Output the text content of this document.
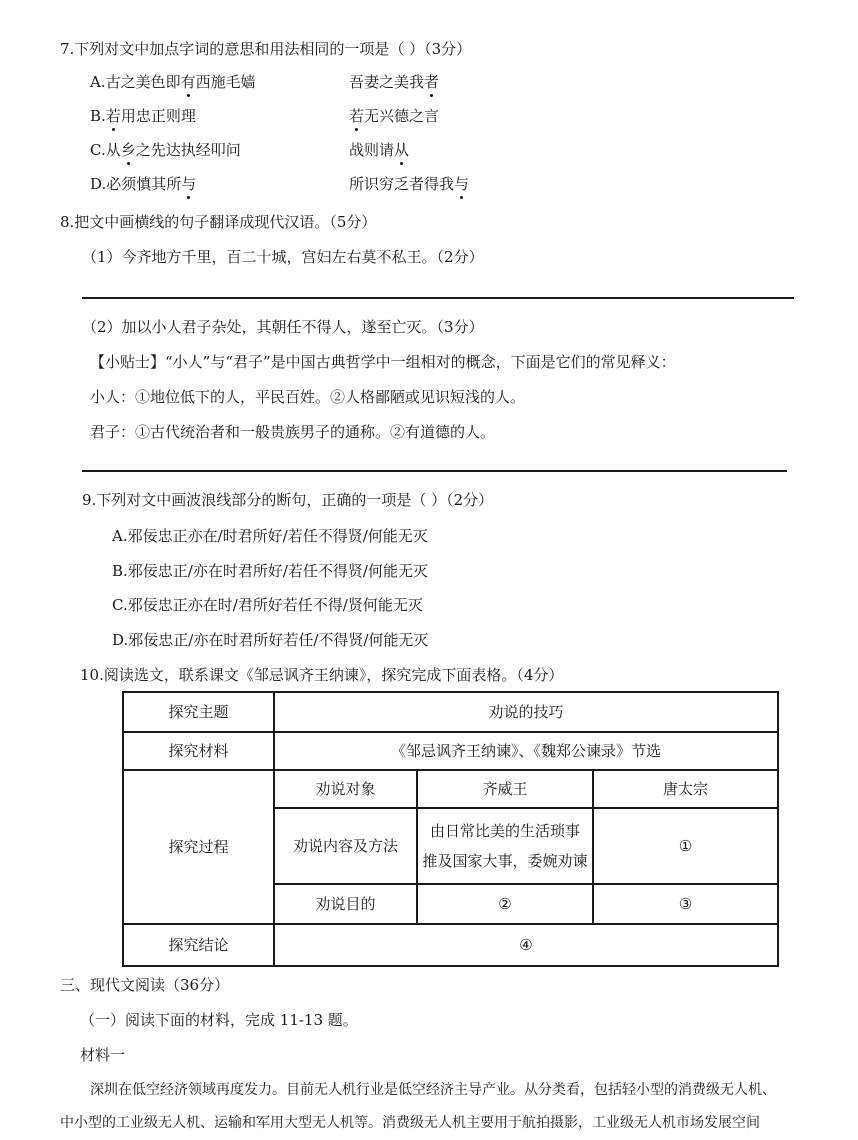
7.下列对文中加点字词的意思和用法相同的一项是（ ）（3分）
A.古之美色即有西施毛嫱	吾妻之美我者
B.若用忠正则理	若无兴德之言
C.从乡之先达执经叩问	战则请从
D.必须慎其所与	所识穷乏者得我与
8.把文中画横线的句子翻译成现代汉语。（5分）
（1）今齐地方千里，百二十城，宫妇左右莫不私王。（2分）
（2）加以小人君子杂处，其朝任不得人，遂至亡灭。（3分）
【小贴士】“小人”与“君子”是中国古典哲学中一组相对的概念，下面是它们的常见释义：
小人：①地位低下的人，平民百姓。②人格鄙陋或见识短浅的人。
君子：①古代统治者和一般贵族男子的通称。②有道德的人。
9.下列对文中画波浪线部分的断句，正确的一项是（ ）（2分）
A.邪佞忠正亦在/时君所好/若任不得贤/何能无灭
B.邪佞忠正/亦在时君所好/若任不得贤/何能无灭
C.邪佞忠正亦在时/君所好若任不得/贤何能无灭
D.邪佞忠正/亦在时君所好若任/不得贤/何能无灭
10.阅读选文，联系课文《邹忌讽齐王纳谏》，探究完成下面表格。（4分）
探究主题	劝说的技巧		
探究材料	《邹忌讽齐王纳谏》、《魏郑公谏录》节选		
探究过程	劝说对象	齐威王	唐太宗
	劝说内容及方法	由日常比美的生活琐事
推及国家大事，委婉劝谏	①
	劝说目的	②	③
探究结论	④		
三、现代文阅读（36分）
（一）阅读下面的材料，完成 11-13 题。
材料一
深圳在低空经济领域再度发力。目前无人机行业是低空经济主导产业。从分类看，包括轻小型的消费级无人机、
中小型的工业级无人机、运输和军用大型无人机等。消费级无人机主要用于航拍摄影，工业级无人机市场发展空间
